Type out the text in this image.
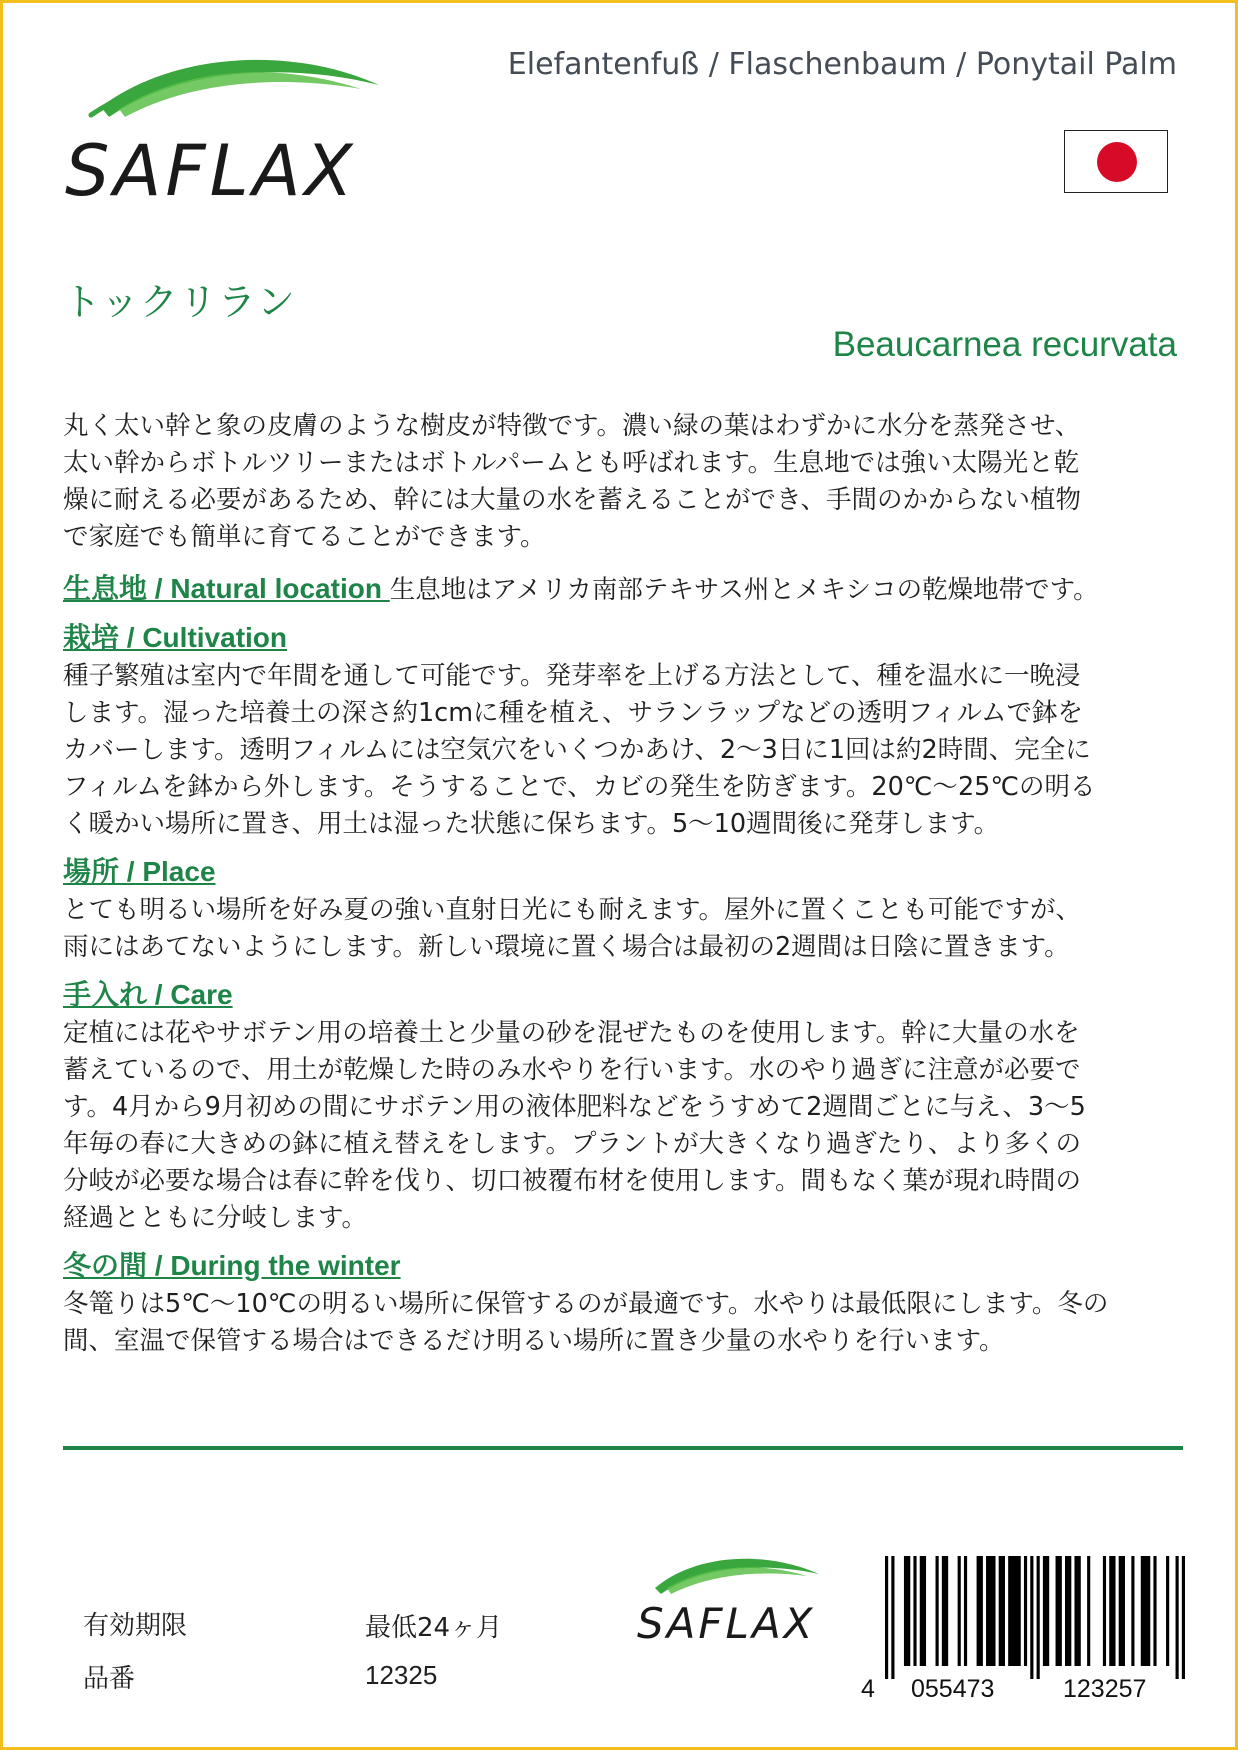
SAFLAX
Elefantenfuß / Flaschenbaum / Ponytail Palm
トックリラン
Beaucarnea recurvata

丸く太い幹と象の皮膚のような樹皮が特徴です。濃い緑の葉はわずかに水分を蒸発させ、

太い幹からボトルツリーまたはボトルパームとも呼ばれます。生息地では強い太陽光と乾

燥に耐える必要があるため、幹には大量の水を蓄えることができ、手間のかからない植物

で家庭でも簡単に育てることができます。

生息地 / Natural location 生息地はアメリカ南部テキサス州とメキシコの乾燥地帯です。

栽培 / Cultivation

種子繁殖は室内で年間を通して可能です。発芽率を上げる方法として、種を温水に一晩浸

します。湿った培養土の深さ約1cmに種を植え、サランラップなどの透明フィルムで鉢を

カバーします。透明フィルムには空気穴をいくつかあけ、2～3日に1回は約2時間、完全に

フィルムを鉢から外します。そうすることで、カビの発生を防ぎます。20℃〜25℃の明る

く暖かい場所に置き、用土は湿った状態に保ちます。5～10週間後に発芽します。

場所 / Place

とても明るい場所を好み夏の強い直射日光にも耐えます。屋外に置くことも可能ですが、

雨にはあてないようにします。新しい環境に置く場合は最初の2週間は日陰に置きます。

手入れ / Care

定植には花やサボテン用の培養土と少量の砂を混ぜたものを使用します。幹に大量の水を

蓄えているので、用土が乾燥した時のみ水やりを行います。水のやり過ぎに注意が必要で

す。4月から9月初めの間にサボテン用の液体肥料などをうすめて2週間ごとに与え、3〜5

年毎の春に大きめの鉢に植え替えをします。プラントが大きくなり過ぎたり、より多くの

分岐が必要な場合は春に幹を伐り、切口被覆布材を使用します。間もなく葉が現れ時間の

経過とともに分岐します。

冬の間 / During the winter

冬篭りは5℃～10℃の明るい場所に保管するのが最適です。水やりは最低限にします。冬の

間、室温で保管する場合はできるだけ明るい場所に置き少量の水やりを行います。

有効期限	最低24ヶ月
品番	12325
SAFLAX
4 055473	123257
